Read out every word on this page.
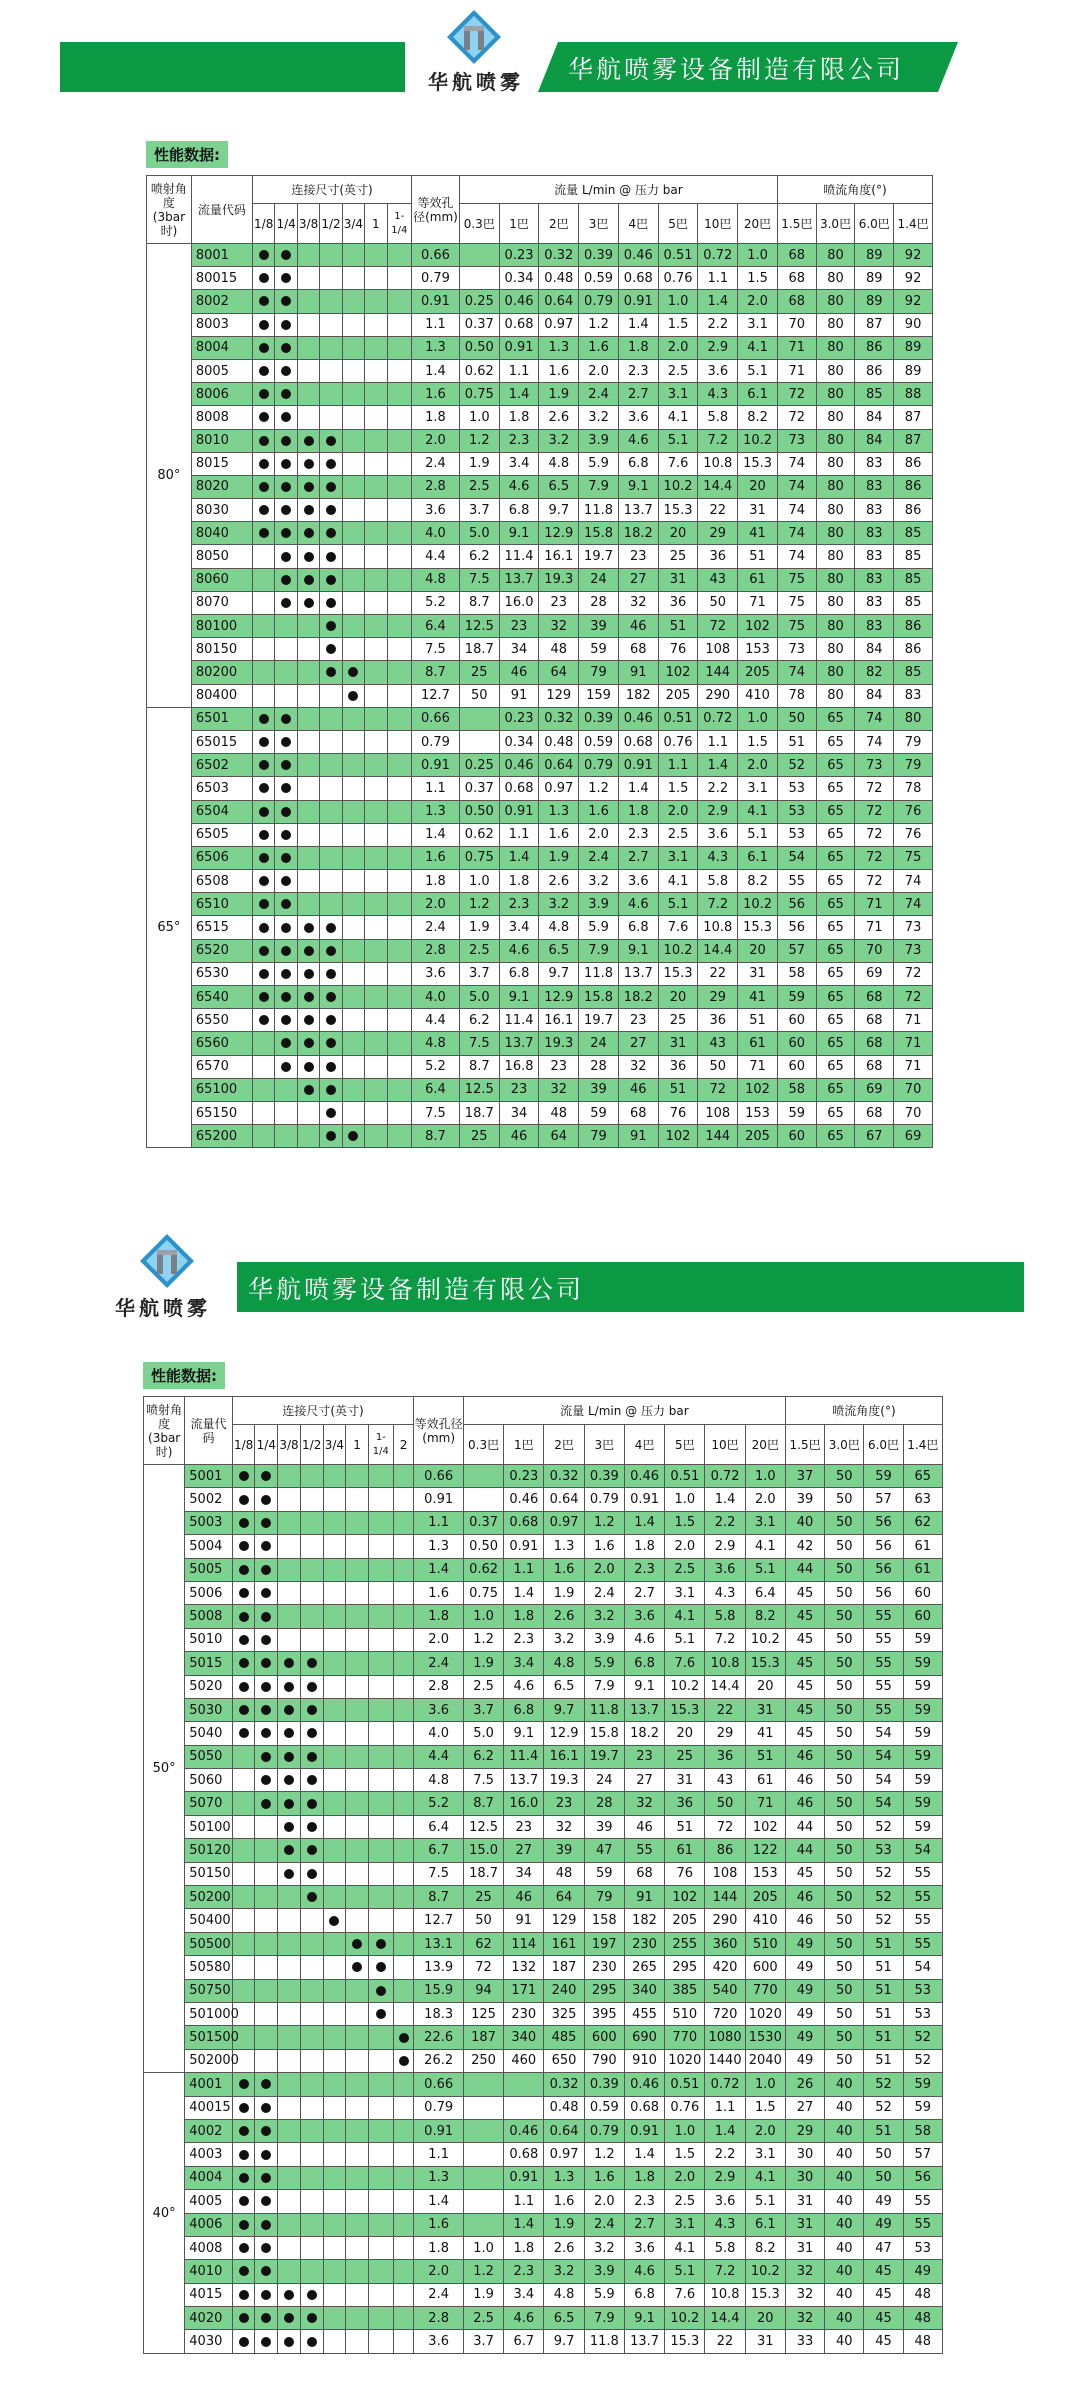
华航喷雾设备制造有限公司
华航喷雾
性能数据:
喷射角度(3bar时)	流量代码	连接尺寸(英寸)							等效孔径(mm)	流量 L/min @ 压力 bar								喷流角度(°)			
		1/8	1/4	3/8	1/2	3/4	1	1-1/4		0.3巴	1巴	2巴	3巴	4巴	5巴	10巴	20巴	1.5巴	3.0巴	6.0巴	1.4巴
80°	8001								0.66		0.23	0.32	0.39	0.46	0.51	0.72	1.0	68	80	89	92
	80015								0.79		0.34	0.48	0.59	0.68	0.76	1.1	1.5	68	80	89	92
	8002								0.91	0.25	0.46	0.64	0.79	0.91	1.0	1.4	2.0	68	80	89	92
	8003								1.1	0.37	0.68	0.97	1.2	1.4	1.5	2.2	3.1	70	80	87	90
	8004								1.3	0.50	0.91	1.3	1.6	1.8	2.0	2.9	4.1	71	80	86	89
	8005								1.4	0.62	1.1	1.6	2.0	2.3	2.5	3.6	5.1	71	80	86	89
	8006								1.6	0.75	1.4	1.9	2.4	2.7	3.1	4.3	6.1	72	80	85	88
	8008								1.8	1.0	1.8	2.6	3.2	3.6	4.1	5.8	8.2	72	80	84	87
	8010								2.0	1.2	2.3	3.2	3.9	4.6	5.1	7.2	10.2	73	80	84	87
	8015								2.4	1.9	3.4	4.8	5.9	6.8	7.6	10.8	15.3	74	80	83	86
	8020								2.8	2.5	4.6	6.5	7.9	9.1	10.2	14.4	20	74	80	83	86
	8030								3.6	3.7	6.8	9.7	11.8	13.7	15.3	22	31	74	80	83	86
	8040								4.0	5.0	9.1	12.9	15.8	18.2	20	29	41	74	80	83	85
	8050								4.4	6.2	11.4	16.1	19.7	23	25	36	51	74	80	83	85
	8060								4.8	7.5	13.7	19.3	24	27	31	43	61	75	80	83	85
	8070								5.2	8.7	16.0	23	28	32	36	50	71	75	80	83	85
	80100								6.4	12.5	23	32	39	46	51	72	102	75	80	83	86
	80150								7.5	18.7	34	48	59	68	76	108	153	73	80	84	86
	80200								8.7	25	46	64	79	91	102	144	205	74	80	82	85
	80400								12.7	50	91	129	159	182	205	290	410	78	80	84	83
65°	6501								0.66		0.23	0.32	0.39	0.46	0.51	0.72	1.0	50	65	74	80
	65015								0.79		0.34	0.48	0.59	0.68	0.76	1.1	1.5	51	65	74	79
	6502								0.91	0.25	0.46	0.64	0.79	0.91	1.1	1.4	2.0	52	65	73	79
	6503								1.1	0.37	0.68	0.97	1.2	1.4	1.5	2.2	3.1	53	65	72	78
	6504								1.3	0.50	0.91	1.3	1.6	1.8	2.0	2.9	4.1	53	65	72	76
	6505								1.4	0.62	1.1	1.6	2.0	2.3	2.5	3.6	5.1	53	65	72	76
	6506								1.6	0.75	1.4	1.9	2.4	2.7	3.1	4.3	6.1	54	65	72	75
	6508								1.8	1.0	1.8	2.6	3.2	3.6	4.1	5.8	8.2	55	65	72	74
	6510								2.0	1.2	2.3	3.2	3.9	4.6	5.1	7.2	10.2	56	65	71	74
	6515								2.4	1.9	3.4	4.8	5.9	6.8	7.6	10.8	15.3	56	65	71	73
	6520								2.8	2.5	4.6	6.5	7.9	9.1	10.2	14.4	20	57	65	70	73
	6530								3.6	3.7	6.8	9.7	11.8	13.7	15.3	22	31	58	65	69	72
	6540								4.0	5.0	9.1	12.9	15.8	18.2	20	29	41	59	65	68	72
	6550								4.4	6.2	11.4	16.1	19.7	23	25	36	51	60	65	68	71
	6560								4.8	7.5	13.7	19.3	24	27	31	43	61	60	65	68	71
	6570								5.2	8.7	16.8	23	28	32	36	50	71	60	65	68	71
	65100								6.4	12.5	23	32	39	46	51	72	102	58	65	69	70
	65150								7.5	18.7	34	48	59	68	76	108	153	59	65	68	70
	65200								8.7	25	46	64	79	91	102	144	205	60	65	67	69
华航喷雾
华航喷雾设备制造有限公司
性能数据:
喷射角度(3bar时)	流量代码	连接尺寸(英寸)								等效孔径(mm)	流量 L/min @ 压力 bar								喷流角度(°)			
		1/8	1/4	3/8	1/2	3/4	1	1-1/4	2		0.3巴	1巴	2巴	3巴	4巴	5巴	10巴	20巴	1.5巴	3.0巴	6.0巴	1.4巴
50°	5001									0.66		0.23	0.32	0.39	0.46	0.51	0.72	1.0	37	50	59	65
	5002									0.91		0.46	0.64	0.79	0.91	1.0	1.4	2.0	39	50	57	63
	5003									1.1	0.37	0.68	0.97	1.2	1.4	1.5	2.2	3.1	40	50	56	62
	5004									1.3	0.50	0.91	1.3	1.6	1.8	2.0	2.9	4.1	42	50	56	61
	5005									1.4	0.62	1.1	1.6	2.0	2.3	2.5	3.6	5.1	44	50	56	61
	5006									1.6	0.75	1.4	1.9	2.4	2.7	3.1	4.3	6.4	45	50	56	60
	5008									1.8	1.0	1.8	2.6	3.2	3.6	4.1	5.8	8.2	45	50	55	60
	5010									2.0	1.2	2.3	3.2	3.9	4.6	5.1	7.2	10.2	45	50	55	59
	5015									2.4	1.9	3.4	4.8	5.9	6.8	7.6	10.8	15.3	45	50	55	59
	5020									2.8	2.5	4.6	6.5	7.9	9.1	10.2	14.4	20	45	50	55	59
	5030									3.6	3.7	6.8	9.7	11.8	13.7	15.3	22	31	45	50	55	59
	5040									4.0	5.0	9.1	12.9	15.8	18.2	20	29	41	45	50	54	59
	5050									4.4	6.2	11.4	16.1	19.7	23	25	36	51	46	50	54	59
	5060									4.8	7.5	13.7	19.3	24	27	31	43	61	46	50	54	59
	5070									5.2	8.7	16.0	23	28	32	36	50	71	46	50	54	59
	50100									6.4	12.5	23	32	39	46	51	72	102	44	50	52	59
	50120									6.7	15.0	27	39	47	55	61	86	122	44	50	53	54
	50150									7.5	18.7	34	48	59	68	76	108	153	45	50	52	55
	50200									8.7	25	46	64	79	91	102	144	205	46	50	52	55
	50400									12.7	50	91	129	158	182	205	290	410	46	50	52	55
	50500									13.1	62	114	161	197	230	255	360	510	49	50	51	55
	50580									13.9	72	132	187	230	265	295	420	600	49	50	51	54
	50750									15.9	94	171	240	295	340	385	540	770	49	50	51	53
	501000									18.3	125	230	325	395	455	510	720	1020	49	50	51	53
	501500									22.6	187	340	485	600	690	770	1080	1530	49	50	51	52
	502000									26.2	250	460	650	790	910	1020	1440	2040	49	50	51	52
40°	4001									0.66			0.32	0.39	0.46	0.51	0.72	1.0	26	40	52	59
	40015									0.79			0.48	0.59	0.68	0.76	1.1	1.5	27	40	52	59
	4002									0.91		0.46	0.64	0.79	0.91	1.0	1.4	2.0	29	40	51	58
	4003									1.1		0.68	0.97	1.2	1.4	1.5	2.2	3.1	30	40	50	57
	4004									1.3		0.91	1.3	1.6	1.8	2.0	2.9	4.1	30	40	50	56
	4005									1.4		1.1	1.6	2.0	2.3	2.5	3.6	5.1	31	40	49	55
	4006									1.6		1.4	1.9	2.4	2.7	3.1	4.3	6.1	31	40	49	55
	4008									1.8	1.0	1.8	2.6	3.2	3.6	4.1	5.8	8.2	31	40	47	53
	4010									2.0	1.2	2.3	3.2	3.9	4.6	5.1	7.2	10.2	32	40	45	49
	4015									2.4	1.9	3.4	4.8	5.9	6.8	7.6	10.8	15.3	32	40	45	48
	4020									2.8	2.5	4.6	6.5	7.9	9.1	10.2	14.4	20	32	40	45	48
	4030									3.6	3.7	6.7	9.7	11.8	13.7	15.3	22	31	33	40	45	48
